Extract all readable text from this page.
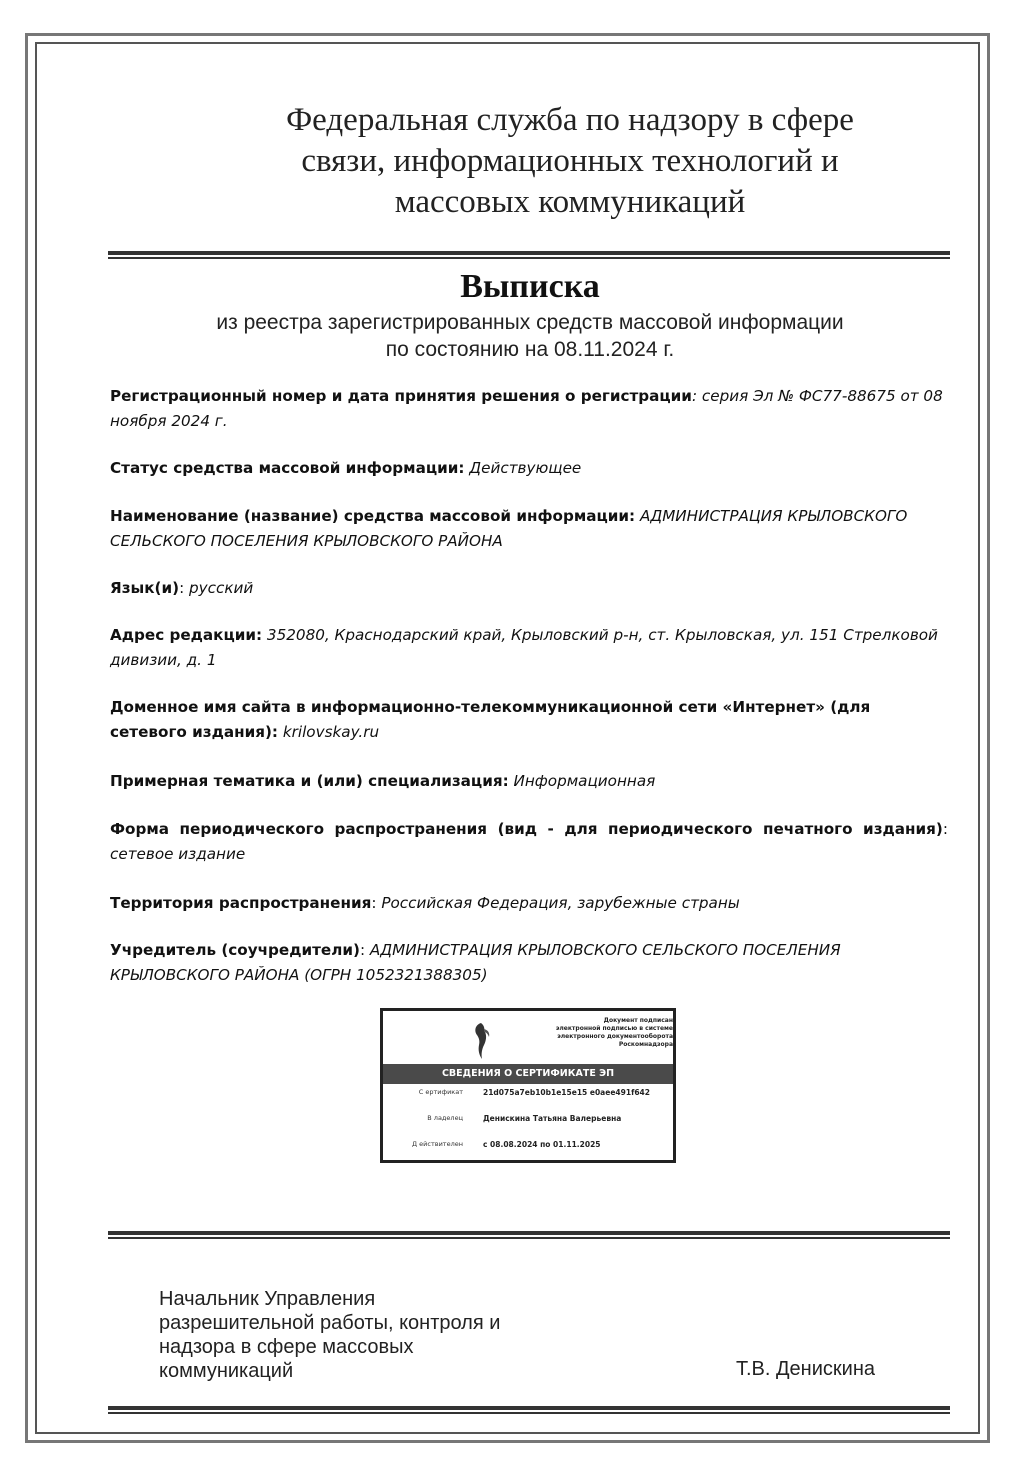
Федеральная служба по надзору в сфере
связи, информационных технологий и
массовых коммуникаций
Выписка
из реестра зарегистрированных средств массовой информации
по состоянию на 08.11.2024 г.
Регистрационный номер и дата принятия решения о регистрации: серия Эл № ФС77-88675 от 08 ноября 2024 г.
Статус средства массовой информации: Действующее
Наименование (название) средства массовой информации: АДМИНИСТРАЦИЯ КРЫЛОВСКОГО СЕЛЬСКОГО ПОСЕЛЕНИЯ КРЫЛОВСКОГО РАЙОНА
Язык(и): русский
Адрес редакции: 352080, Краснодарский край, Крыловский р-н, ст. Крыловская, ул. 151 Стрелковой дивизии, д. 1
Доменное имя сайта в информационно-телекоммуникационной сети «Интернет» (для сетевого издания): krilovskay.ru
Примерная тематика и (или) специализация: Информационная
Форма периодического распространения (вид - для периодического печатного издания): сетевое издание
Территория распространения: Российская Федерация, зарубежные страны
Учредитель (соучредители): АДМИНИСТРАЦИЯ КРЫЛОВСКОГО СЕЛЬСКОГО ПОСЕЛЕНИЯ КРЫЛОВСКОГО РАЙОНА (ОГРН 1052321388305)
Документ подписан
электронной подписью в системе
электронного документооборота
Роскомнадзора
СВЕДЕНИЯ О СЕРТИФИКАТЕ ЭП
С ертификат	21d075a7eb10b1e15e15 e0aee491f642
В ладелец	Денискина Татьяна Валерьевна
Д ействителен	с 08.08.2024 по 01.11.2025
Начальник Управления
разрешительной работы, контроля и
надзора в сфере массовых
коммуникаций	Т.В. Денискина
